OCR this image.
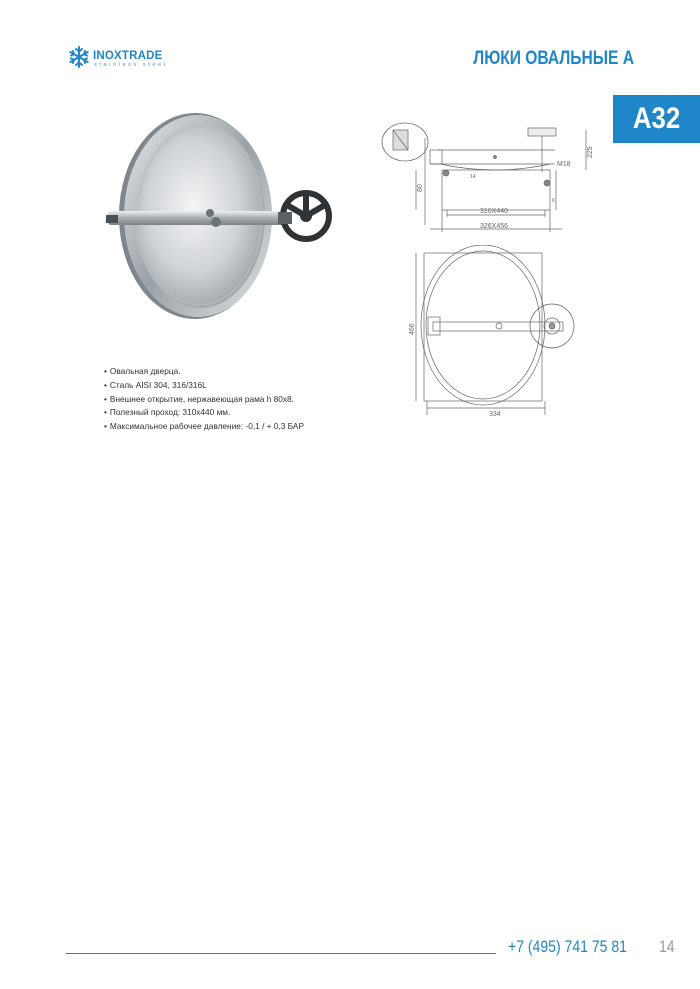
INOXTRADE
stainless steel	ЛЮКИ ОВАЛЬНЫЕ А
A32
• Овальная дверца.
• Сталь AISI 304, 316/316L
• Внешнее открытие, нержавеющая рама h 80x8.
• Полезный проход: 310x440 мм.
• Максимальное рабочее давление: -0,1 / + 0,3 БАР
225
80
M18
310X440
326X456
6
14
466
334
+7 (495) 741 75 81 14
